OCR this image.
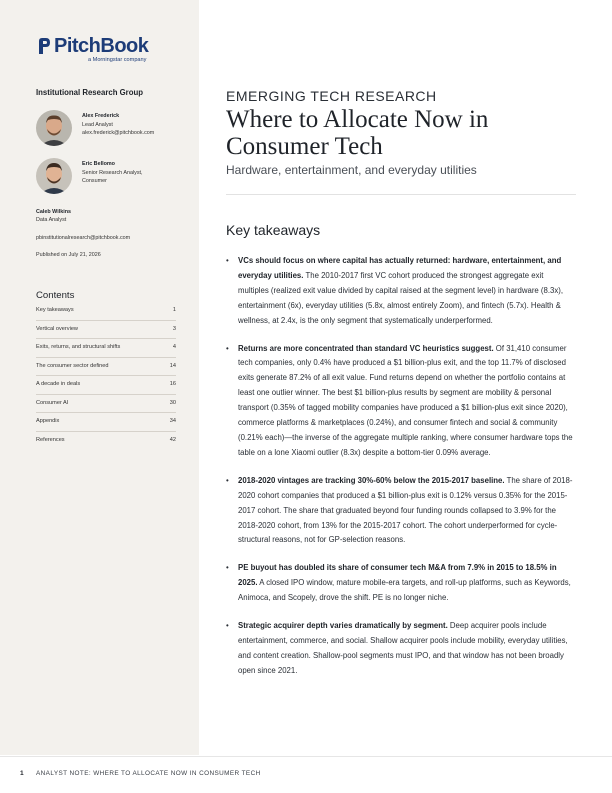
PitchBook
a Morningstar company
Institutional Research Group
Alex Frederick
Lead Analyst
alex.frederick@pitchbook.com
Eric Bellomo
Senior Research Analyst,
Consumer
Caleb Wilkins
Data Analyst
pbinstitutionalresearch@pitchbook.com
Published on July 21, 2026
Contents
Key takeaways	1
Vertical overview	3
Exits, returns, and structural shifts	4
The consumer sector defined	14
A decade in deals	16
Consumer AI	30
Appendix	34
References	42
EMERGING TECH RESEARCH
Where to Allocate Now in Consumer Tech
Hardware, entertainment, and everyday utilities
Key takeaways
• VCs should focus on where capital has actually returned: hardware, entertainment, and everyday utilities. The 2010-2017 first VC cohort produced the strongest aggregate exit multiples (realized exit value divided by capital raised at the segment level) in hardware (8.3x), entertainment (6x), everyday utilities (5.8x, almost entirely Zoom), and fintech (5.7x). Health & wellness, at 2.4x, is the only segment that systematically underperformed.
• Returns are more concentrated than standard VC heuristics suggest. Of 31,410 consumer tech companies, only 0.4% have produced a $1 billion-plus exit, and the top 11.7% of disclosed exits generate 87.2% of all exit value. Fund returns depend on whether the portfolio contains at least one outlier winner. The best $1 billion-plus results by segment are mobility & personal transport (0.35% of tagged mobility companies have produced a $1 billion-plus exit since 2020), commerce platforms & marketplaces (0.24%), and consumer fintech and social & community (0.21% each)—the inverse of the aggregate multiple ranking, where consumer hardware tops the table on a lone Xiaomi outlier (8.3x) despite a bottom-tier 0.09% average.
• 2018-2020 vintages are tracking 30%-60% below the 2015-2017 baseline. The share of 2018-2020 cohort companies that produced a $1 billion-plus exit is 0.12% versus 0.35% for the 2015-2017 cohort. The share that graduated beyond four funding rounds collapsed to 3.9% for the 2018-2020 cohort, from 13% for the 2015-2017 cohort. The cohort underperformed for cycle-structural reasons, not for GP-selection reasons.
• PE buyout has doubled its share of consumer tech M&A from 7.9% in 2015 to 18.5% in 2025. A closed IPO window, mature mobile-era targets, and roll-up platforms, such as Keywords, Animoca, and Scopely, drove the shift. PE is no longer niche.
• Strategic acquirer depth varies dramatically by segment. Deep acquirer pools include entertainment, commerce, and social. Shallow acquirer pools include mobility, everyday utilities, and content creation. Shallow-pool segments must IPO, and that window has not been broadly open since 2021.
1 ANALYST NOTE: WHERE TO ALLOCATE NOW IN CONSUMER TECH
